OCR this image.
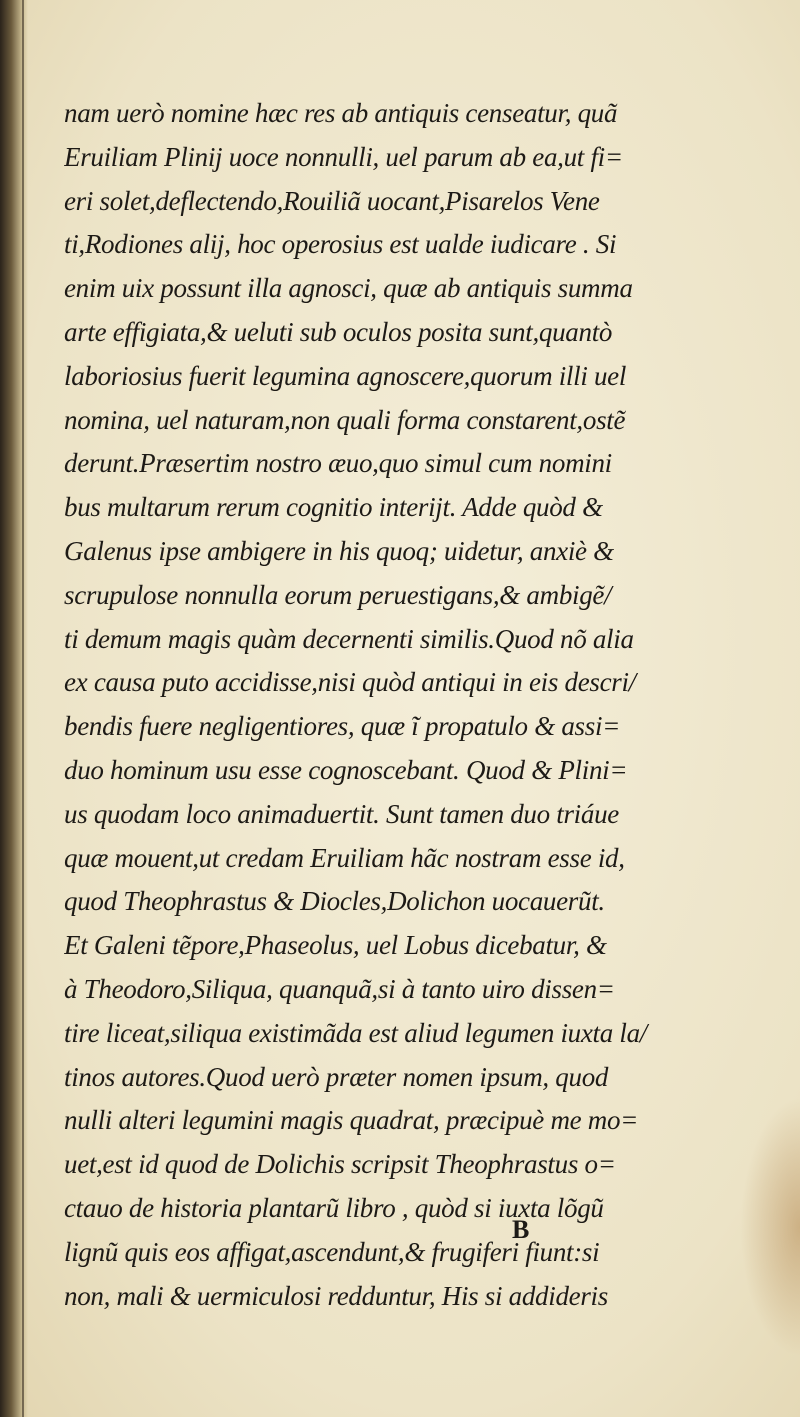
nam uerò nomine hæc res ab antiquis censeatur, quã
Eruiliam Plinij uoce nonnulli, uel parum ab ea,ut fi=
eri solet,deflectendo,Rouiliã uocant,Pisarelos Vene
ti,Rodiones alij, hoc operosius est ualde iudicare . Si
enim uix possunt illa agnosci, quæ ab antiquis summa
arte effigiata,& ueluti sub oculos posita sunt,quantò
laboriosius fuerit legumina agnoscere,quorum illi uel
nomina, uel naturam,non quali forma constarent,ostẽ
derunt.Præsertim nostro æuo,quo simul cum nomini
bus multarum rerum cognitio interijt. Adde quòd &
Galenus ipse ambigere in his quoq; uidetur, anxiè &
scrupulose nonnulla eorum peruestigans,& ambigẽ/
ti demum magis quàm decernenti similis.Quod nõ alia
ex causa puto accidisse,nisi quòd antiqui in eis descri/
bendis fuere negligentiores, quæ ĩ propatulo & assi=
duo hominum usu esse cognoscebant. Quod & Plini=
us quodam loco animaduertit. Sunt tamen duo triáue
quæ mouent,ut credam Eruiliam hãc nostram esse id,
quod Theophrastus & Diocles,Dolichon uocauerũt.
Et Galeni tẽpore,Phaseolus, uel Lobus dicebatur, &
à Theodoro,Siliqua, quanquã,si à tanto uiro dissen=
tire liceat,siliqua existimãda est aliud legumen iuxta la/
tinos autores.Quod uerò præter nomen ipsum, quod
nulli alteri legumini magis quadrat, præcipuè me mo=
uet,est id quod de Dolichis scripsit Theophrastus o=
ctauo de historia plantarũ libro , quòd si iuxta lõgũ
lignũ quis eos affigat,ascendunt,& frugiferi fiunt:si
non, mali & uermiculosi redduntur, His si addideris
B
